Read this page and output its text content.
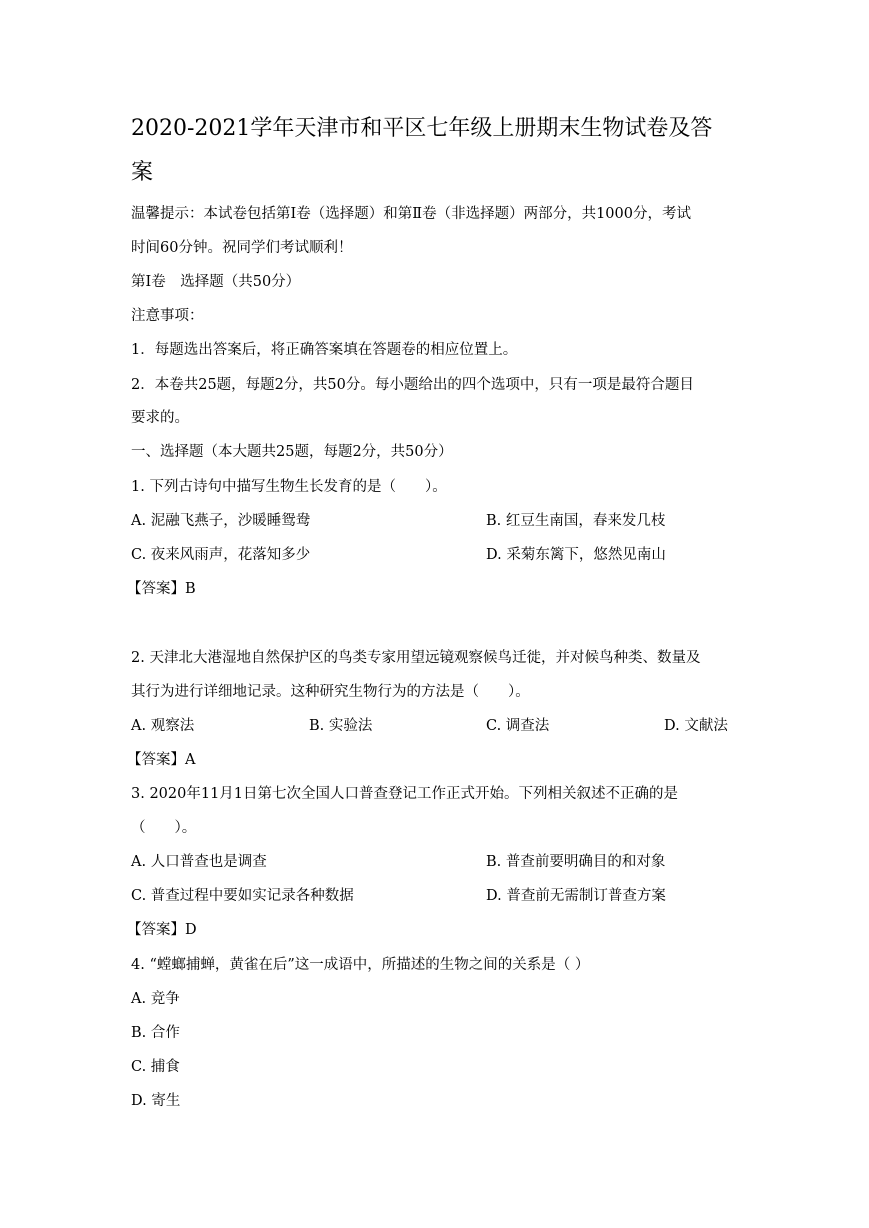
2020-2021学年天津市和平区七年级上册期末生物试卷及答
案
温馨提示：本试卷包括第Ⅰ卷（选择题）和第Ⅱ卷（非选择题）两部分，共1000分，考试
时间60分钟。祝同学们考试顺利！
第Ⅰ卷　选择题（共50分）
注意事项：
1．每题选出答案后，将正确答案填在答题卷的相应位置上。
2．本卷共25题，每题2分，共50分。每小题给出的四个选项中，只有一项是最符合题目
要求的。
一、选择题（本大题共25题，每题2分，共50分）
1. 下列古诗句中描写生物生长发育的是（　　）。
A. 泥融飞燕子，沙暖睡鸳鸯	B. 红豆生南国，春来发几枝
C. 夜来风雨声，花落知多少	D. 采菊东篱下，悠然见南山
【答案】B
2. 天津北大港湿地自然保护区的鸟类专家用望远镜观察候鸟迁徙，并对候鸟种类、数量及
其行为进行详细地记录。这种研究生物行为的方法是（　　）。
A. 观察法	B. 实验法	C. 调查法	D. 文献法
【答案】A
3. 2020年11月1日第七次全国人口普查登记工作正式开始。下列相关叙述不正确的是
（　　）。
A. 人口普查也是调查	B. 普查前要明确目的和对象
C. 普查过程中要如实记录各种数据	D. 普查前无需制订普查方案
【答案】D
4. “螳螂捕蝉，黄雀在后”这一成语中，所描述的生物之间的关系是（ ）
A. 竞争
B. 合作
C. 捕食
D. 寄生
